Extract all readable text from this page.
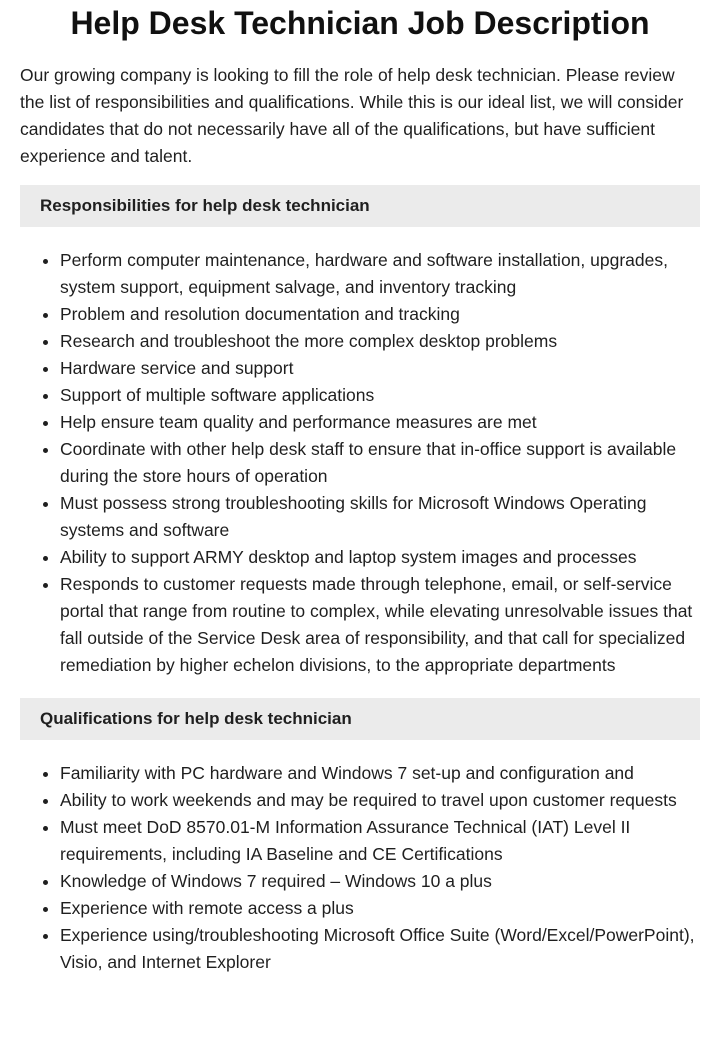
Help Desk Technician Job Description

Our growing company is looking to fill the role of help desk technician. Please review the list of responsibilities and qualifications. While this is our ideal list, we will consider candidates that do not necessarily have all of the qualifications, but have sufficient experience and talent.

Responsibilities for help desk technician
• Perform computer maintenance, hardware and software installation, upgrades, system support, equipment salvage, and inventory tracking
• Problem and resolution documentation and tracking
• Research and troubleshoot the more complex desktop problems
• Hardware service and support
• Support of multiple software applications
• Help ensure team quality and performance measures are met
• Coordinate with other help desk staff to ensure that in-office support is available during the store hours of operation
• Must possess strong troubleshooting skills for Microsoft Windows Operating systems and software
• Ability to support ARMY desktop and laptop system images and processes
• Responds to customer requests made through telephone, email, or self-service portal that range from routine to complex, while elevating unresolvable issues that fall outside of the Service Desk area of responsibility, and that call for specialized remediation by higher echelon divisions, to the appropriate departments
Qualifications for help desk technician
• Familiarity with PC hardware and Windows 7 set-up and configuration and
• Ability to work weekends and may be required to travel upon customer requests
• Must meet DoD 8570.01-M Information Assurance Technical (IAT) Level II requirements, including IA Baseline and CE Certifications
• Knowledge of Windows 7 required – Windows 10 a plus
• Experience with remote access a plus
• Experience using/troubleshooting Microsoft Office Suite (Word/Excel/PowerPoint), Visio, and Internet Explorer
